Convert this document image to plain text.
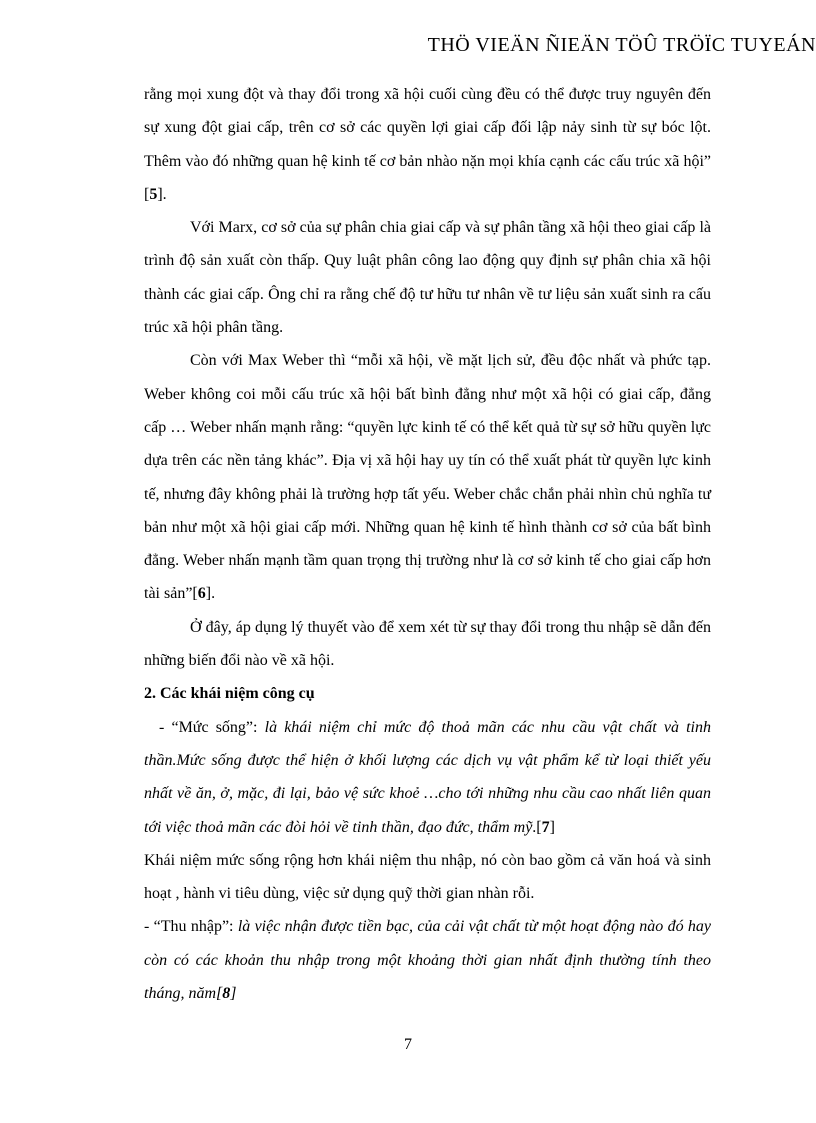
THÖ VIEÄN ÑIEÄN TÖÛ TRÖÏC TUYEÁN

rằng mọi xung đột và thay đổi trong xã hội cuối cùng đều có thể được truy nguyên đến sự xung đột giai cấp, trên cơ sở các quyền lợi giai cấp đối lập nảy sinh từ sự bóc lột. Thêm vào đó những quan hệ kinh tế cơ bản nhào nặn mọi khía cạnh các cấu trúc xã hội” [5].

Với Marx, cơ sở của sự phân chia giai cấp và sự phân tầng xã hội theo giai cấp là trình độ sản xuất còn thấp. Quy luật phân công lao động quy định sự phân chia xã hội thành các giai cấp. Ông chỉ ra rằng chế độ tư hữu tư nhân về tư liệu sản xuất sinh ra cấu trúc xã hội phân tầng.

Còn với Max Weber thì “mỗi xã hội, về mặt lịch sử, đều độc nhất và phức tạp. Weber không coi mỗi cấu trúc xã hội bất bình đẳng như một xã hội có giai cấp, đẳng cấp … Weber nhấn mạnh rằng: “quyền lực kinh tế có thể kết quả từ sự sở hữu quyền lực dựa trên các nền tảng khác”. Địa vị xã hội hay uy tín có thể xuất phát từ quyền lực kinh tế, nhưng đây không phải là trường hợp tất yếu. Weber chắc chắn phải nhìn chủ nghĩa tư bản như một xã hội giai cấp mới. Những quan hệ kinh tế hình thành cơ sở của bất bình đẳng. Weber nhấn mạnh tầm quan trọng thị trường như là cơ sở kinh tế cho giai cấp hơn tài sản”[6].

Ở đây, áp dụng lý thuyết vào để xem xét từ sự thay đổi trong thu nhập sẽ dẫn đến những biến đổi nào về xã hội.

2. Các khái niệm công cụ

- “Mức sống”: là khái niệm chỉ mức độ thoả mãn các nhu cầu vật chất và tinh thần.Mức sống được thể hiện ở khối lượng các dịch vụ vật phẩm kể từ loại thiết yếu nhất về ăn, ở, mặc, đi lại, bảo vệ sức khoẻ …cho tới những nhu cầu cao nhất liên quan tới việc thoả mãn các đòi hỏi về tinh thần, đạo đức, thẩm mỹ.[7]

Khái niệm mức sống rộng hơn khái niệm thu nhập, nó còn bao gồm cả văn hoá và sinh hoạt , hành vi tiêu dùng, việc sử dụng quỹ thời gian nhàn rỗi.

- “Thu nhập”: là việc nhận được tiền bạc, của cải vật chất từ một hoạt động nào đó hay còn có các khoản thu nhập trong một khoảng thời gian nhất định thường tính theo tháng, năm[8]

7
